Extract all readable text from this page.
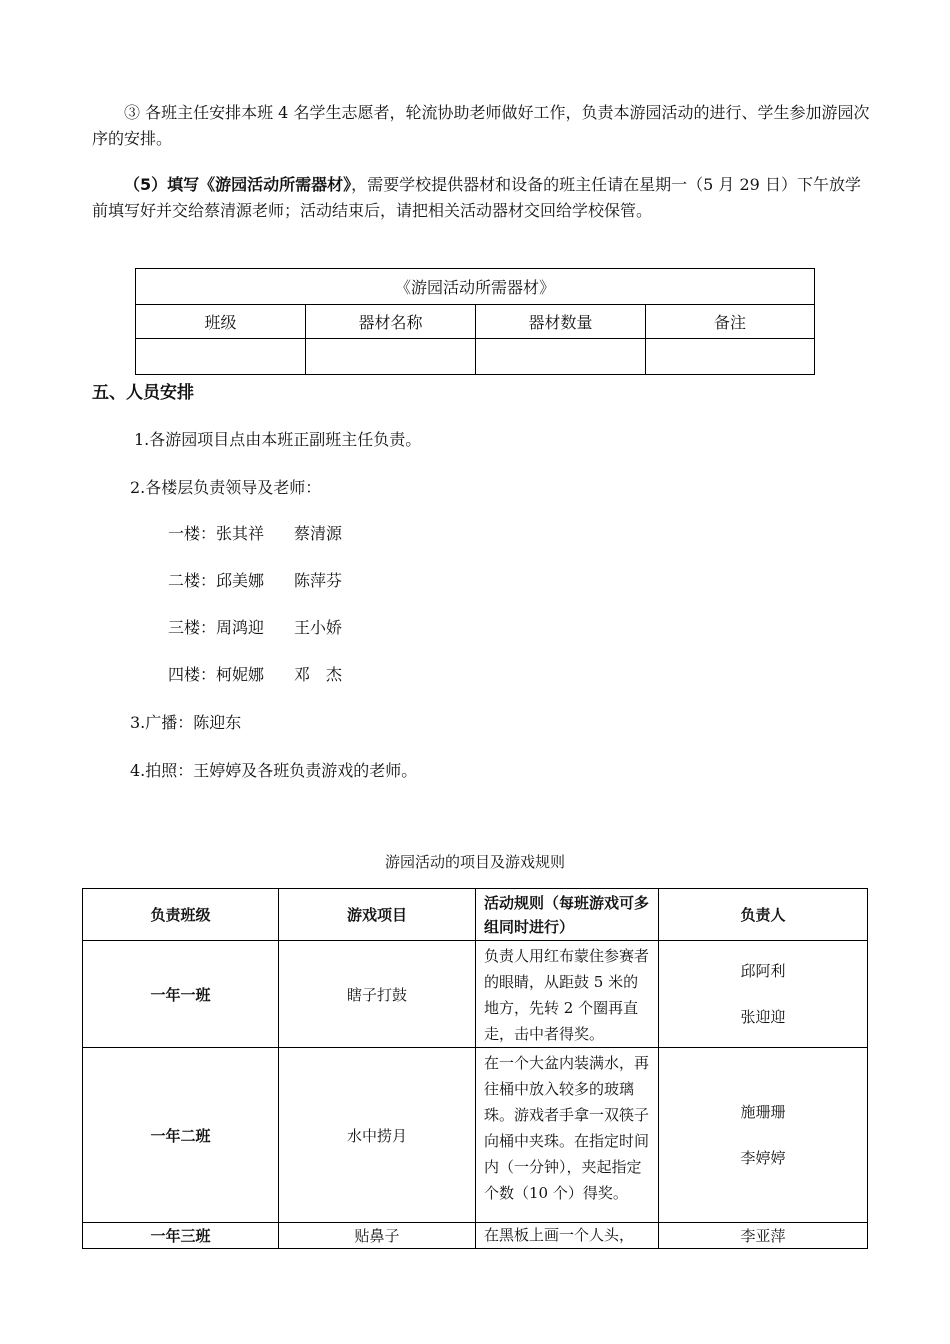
③ 各班主任安排本班 4 名学生志愿者，轮流协助老师做好工作，负责本游园活动的进行、学生参加游园次序的安排。
（5）填写《游园活动所需器材》，需要学校提供器材和设备的班主任请在星期一（5 月 29 日）下午放学前填写好并交给蔡清源老师；活动结束后，请把相关活动器材交回给学校保管。
《游园活动所需器材》			
班级	器材名称	器材数量	备注

五、人员安排
1.各游园项目点由本班正副班主任负责。
2.各楼层负责领导及老师：
一楼：张其祥 蔡清源
二楼：邱美娜 陈萍芬
三楼：周鸿迎 王小娇
四楼：柯妮娜 邓　杰
3.广播：陈迎东
4.拍照：王婷婷及各班负责游戏的老师。
游园活动的项目及游戏规则
负责班级	游戏项目	活动规则（每班游戏可多组同时进行）	负责人
一年一班	瞎子打鼓	负责人用红布蒙住参赛者的眼睛，从距鼓 5 米的地方，先转 2 个圈再直走，击中者得奖。	邱阿利
张迎迎

一年二班	水中捞月	在一个大盆内装满水，再往桶中放入较多的玻璃珠。游戏者手拿一双筷子向桶中夹珠。在指定时间内（一分钟），夹起指定个数（10 个）得奖。	施珊珊
李婷婷

一年三班	贴鼻子	在黑板上画一个人头，	李亚萍
